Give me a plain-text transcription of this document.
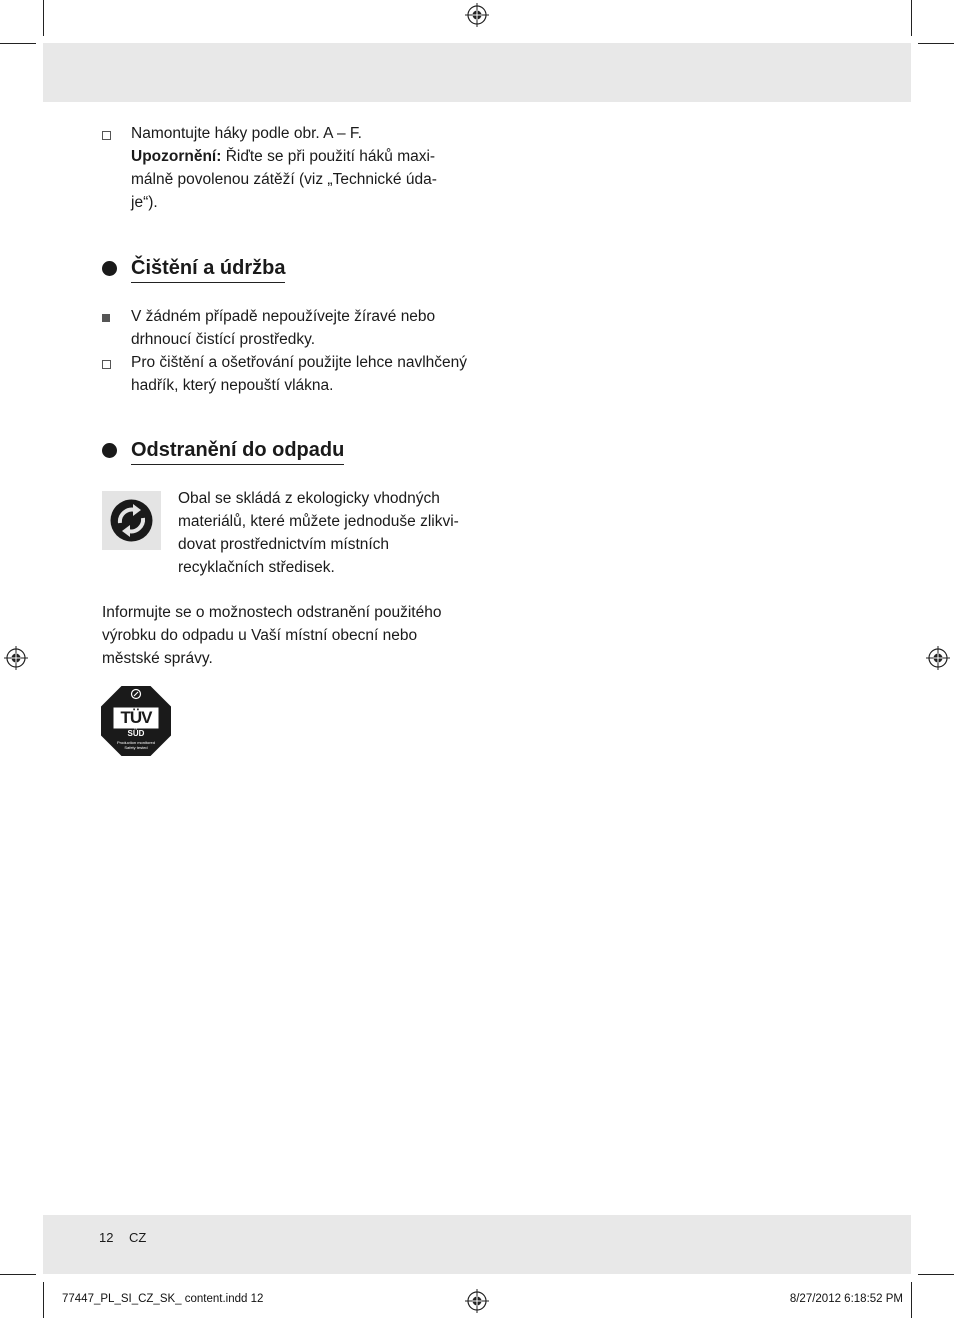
Namontujte háky podle obr. A – F.
Upozornění: Řiďte se při použití háků maxi-
málně povolenou zátěží (viz „Technické úda-
je“).
Čištění a údržba
V žádném případě nepoužívejte žíravé nebo
drhnoucí čistící prostředky.
Pro čištění a ošetřování použijte lehce navlhčený
hadřík, který nepouští vlákna.
Odstranění do odpadu
Obal se skládá z ekologicky vhodných
materiálů, které můžete jednoduše zlikvi-
dovat prostřednictvím místních
recyklačních středisek.
Informujte se o možnostech odstranění použitého
výrobku do odpadu u Vaší místní obecní nebo
městské správy.
TÜV
SÜD
Production monitored
Safety tested
12 CZ
77447_PL_SI_CZ_SK_ content.indd 12	8/27/2012 6:18:52 PM
